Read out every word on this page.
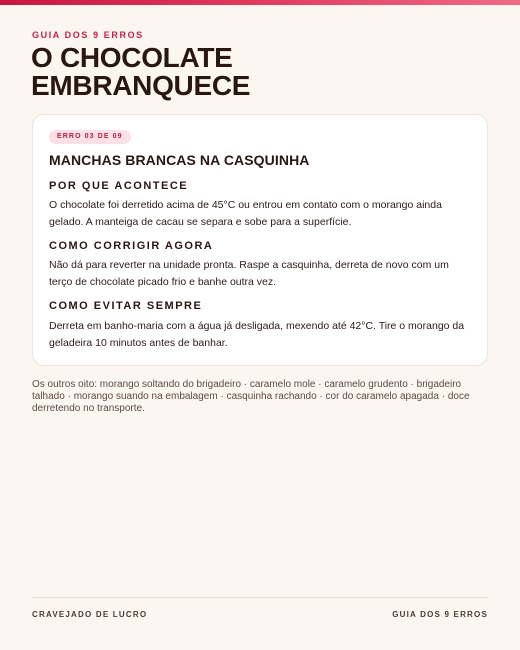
GUIA DOS 9 ERROS
O CHOCOLATE
EMBRANQUECE
ERRO 03 DE 09
MANCHAS BRANCAS NA CASQUINHA
POR QUE ACONTECE
O chocolate foi derretido acima de 45°C ou entrou em contato com o morango ainda gelado. A manteiga de cacau se separa e sobe para a superfície.
COMO CORRIGIR AGORA
Não dá para reverter na unidade pronta. Raspe a casquinha, derreta de novo com um terço de chocolate picado frio e banhe outra vez.
COMO EVITAR SEMPRE
Derreta em banho-maria com a água já desligada, mexendo até 42°C. Tire o morango da geladeira 10 minutos antes de banhar.

Os outros oito: morango soltando do brigadeiro · caramelo mole · caramelo grudento · brigadeiro talhado · morango suando na embalagem · casquinha rachando · cor do caramelo apagada · doce derretendo no transporte.

CRAVEJADO DE LUCRO	GUIA DOS 9 ERROS
